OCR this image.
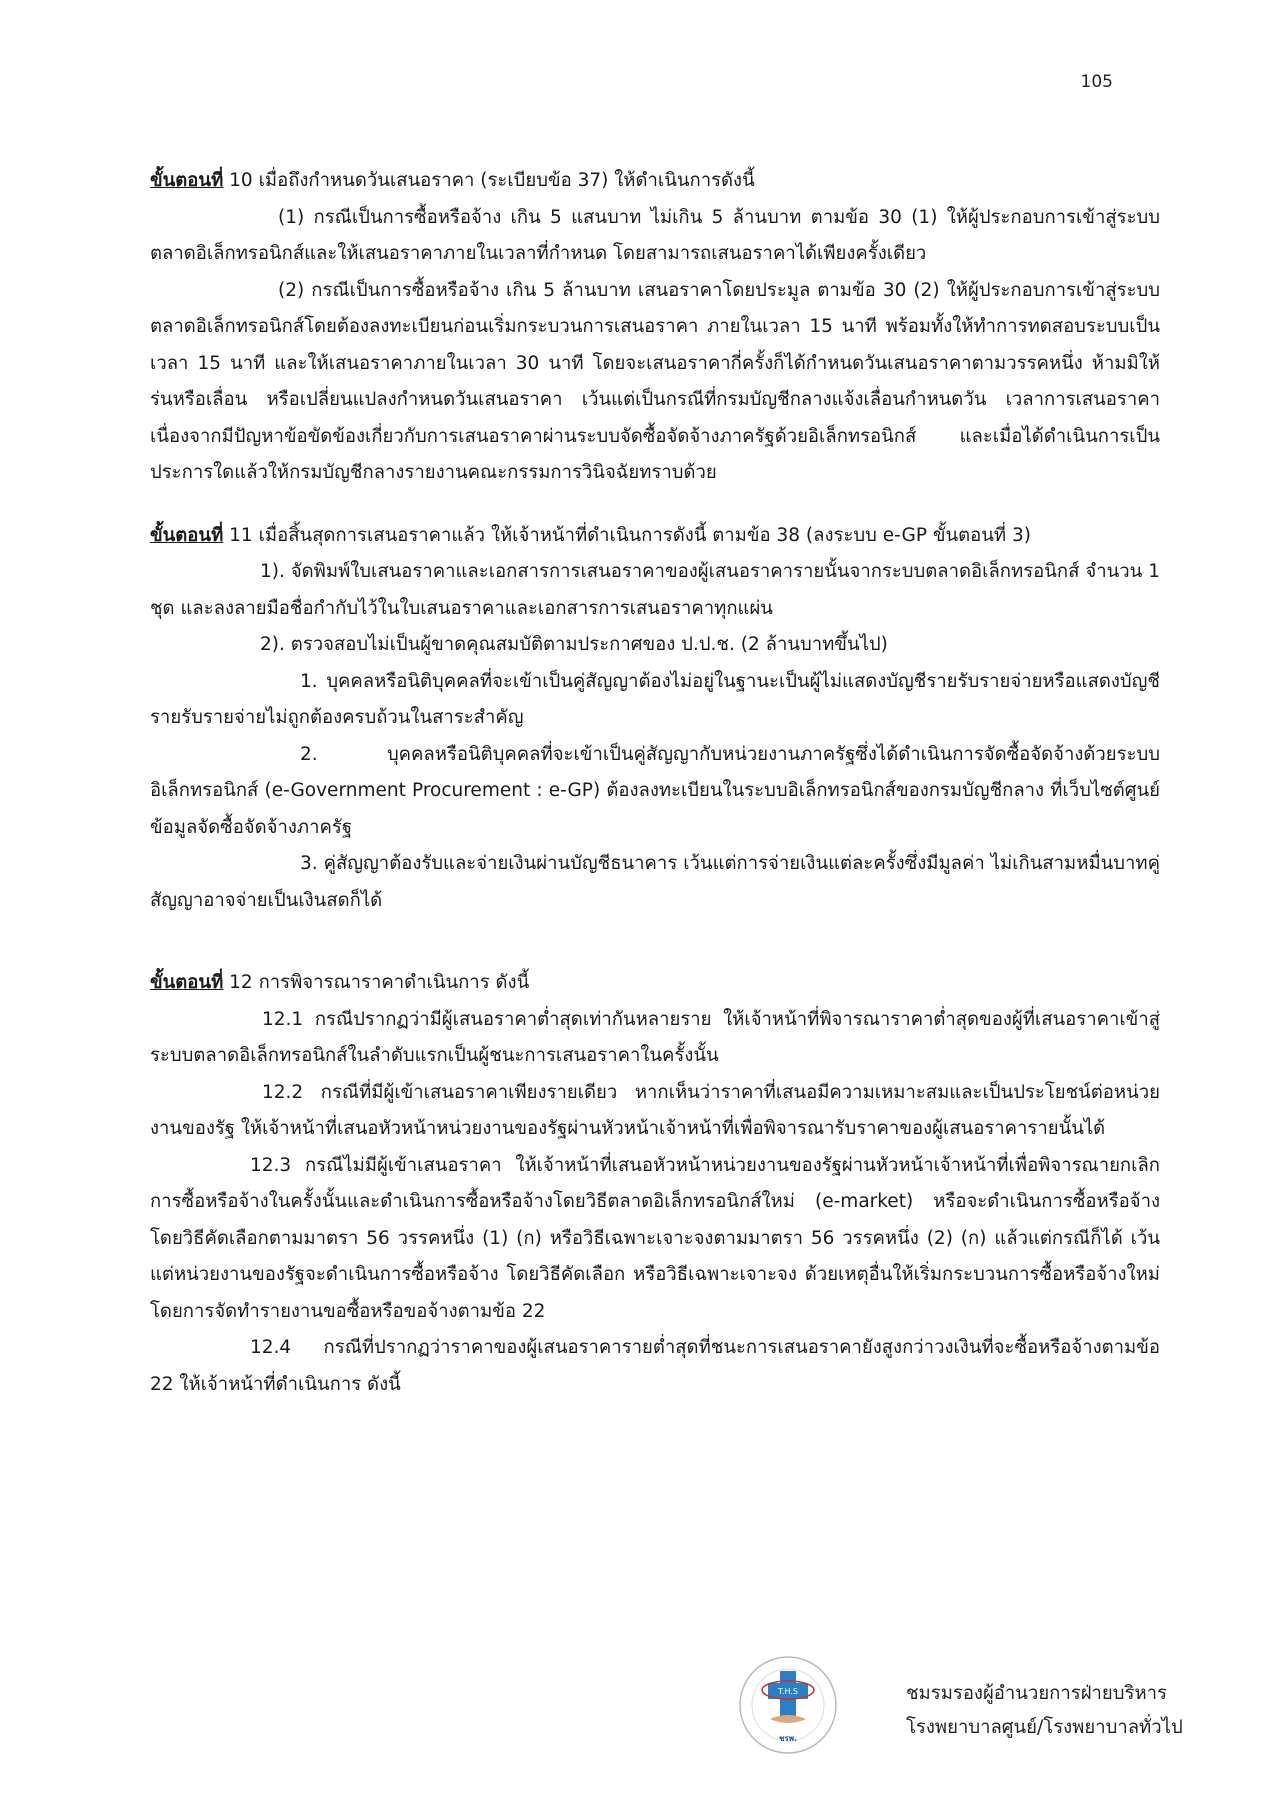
105

ขั้นตอนที่ 10 เมื่อถึงกำหนดวันเสนอราคา (ระเบียบข้อ 37) ให้ดำเนินการดังนี้

(1) กรณีเป็นการซื้อหรือจ้าง เกิน 5 แสนบาท ไม่เกิน 5 ล้านบาท ตามข้อ 30 (1) ให้ผู้ประกอบการเข้าสู่ระบบตลาดอิเล็กทรอนิกส์และให้เสนอราคาภายในเวลาที่กำหนด โดยสามารถเสนอราคาได้เพียงครั้งเดียว

(2) กรณีเป็นการซื้อหรือจ้าง เกิน 5 ล้านบาท เสนอราคาโดยประมูล ตามข้อ 30 (2) ให้ผู้ประกอบการเข้าสู่ระบบตลาดอิเล็กทรอนิกส์โดยต้องลงทะเบียนก่อนเริ่มกระบวนการเสนอราคา ภายในเวลา 15 นาที พร้อมทั้งให้ทำการทดสอบระบบเป็นเวลา 15 นาที และให้เสนอราคาภายในเวลา 30 นาที โดยจะเสนอราคากี่ครั้งก็ได้กำหนดวันเสนอราคาตามวรรคหนึ่ง ห้ามมิให้ร่นหรือเลื่อน หรือเปลี่ยนแปลงกำหนดวันเสนอราคา เว้นแต่เป็นกรณีที่กรมบัญชีกลางแจ้งเลื่อนกำหนดวัน เวลาการเสนอราคา เนื่องจากมีปัญหาข้อขัดข้องเกี่ยวกับการเสนอราคาผ่านระบบจัดซื้อจัดจ้างภาครัฐด้วยอิเล็กทรอนิกส์ และเมื่อได้ดำเนินการเป็นประการใดแล้วให้กรมบัญชีกลางรายงานคณะกรรมการวินิจฉัยทราบด้วย

ขั้นตอนที่ 11 เมื่อสิ้นสุดการเสนอราคาแล้ว ให้เจ้าหน้าที่ดำเนินการดังนี้ ตามข้อ 38 (ลงระบบ e-GP ขั้นตอนที่ 3)

1). จัดพิมพ์ใบเสนอราคาและเอกสารการเสนอราคาของผู้เสนอราคารายนั้นจากระบบตลาดอิเล็กทรอนิกส์ จำนวน 1 ชุด และลงลายมือชื่อกำกับไว้ในใบเสนอราคาและเอกสารการเสนอราคาทุกแผ่น

2). ตรวจสอบไม่เป็นผู้ขาดคุณสมบัติตามประกาศของ ป.ป.ช. (2 ล้านบาทขึ้นไป)

1. บุคคลหรือนิติบุคคลที่จะเข้าเป็นคู่สัญญาต้องไม่อยู่ในฐานะเป็นผู้ไม่แสดงบัญชีรายรับรายจ่ายหรือแสดงบัญชีรายรับรายจ่ายไม่ถูกต้องครบถ้วนในสาระสำคัญ

2. บุคคลหรือนิติบุคคลที่จะเข้าเป็นคู่สัญญากับหน่วยงานภาครัฐซึ่งได้ดำเนินการจัดซื้อจัดจ้างด้วยระบบอิเล็กทรอนิกส์ (e-Government Procurement : e-GP) ต้องลงทะเบียนในระบบอิเล็กทรอนิกส์ของกรมบัญชีกลาง ที่เว็บไซต์ศูนย์ข้อมูลจัดซื้อจัดจ้างภาครัฐ

3. คู่สัญญาต้องรับและจ่ายเงินผ่านบัญชีธนาคาร เว้นแต่การจ่ายเงินแต่ละครั้งซึ่งมีมูลค่า ไม่เกินสามหมื่นบาทคู่สัญญาอาจจ่ายเป็นเงินสดก็ได้

ขั้นตอนที่ 12 การพิจารณาราคาดำเนินการ ดังนี้

12.1 กรณีปรากฏว่ามีผู้เสนอราคาต่ำสุดเท่ากันหลายราย ให้เจ้าหน้าที่พิจารณาราคาต่ำสุดของผู้ที่เสนอราคาเข้าสู่ระบบตลาดอิเล็กทรอนิกส์ในลำดับแรกเป็นผู้ชนะการเสนอราคาในครั้งนั้น

12.2 กรณีที่มีผู้เข้าเสนอราคาเพียงรายเดียว หากเห็นว่าราคาที่เสนอมีความเหมาะสมและเป็นประโยชน์ต่อหน่วยงานของรัฐ ให้เจ้าหน้าที่เสนอหัวหน้าหน่วยงานของรัฐผ่านหัวหน้าเจ้าหน้าที่เพื่อพิจารณารับราคาของผู้เสนอราคารายนั้นได้

12.3 กรณีไม่มีผู้เข้าเสนอราคา ให้เจ้าหน้าที่เสนอหัวหน้าหน่วยงานของรัฐผ่านหัวหน้าเจ้าหน้าที่เพื่อพิจารณายกเลิกการซื้อหรือจ้างในครั้งนั้นและดำเนินการซื้อหรือจ้างโดยวิธีตลาดอิเล็กทรอนิกส์ใหม่ (e-market) หรือจะดำเนินการซื้อหรือจ้างโดยวิธีคัดเลือกตามมาตรา 56 วรรคหนึ่ง (1) (ก) หรือวิธีเฉพาะเจาะจงตามมาตรา 56 วรรคหนึ่ง (2) (ก) แล้วแต่กรณีก็ได้ เว้นแต่หน่วยงานของรัฐจะดำเนินการซื้อหรือจ้าง โดยวิธีคัดเลือก หรือวิธีเฉพาะเจาะจง ด้วยเหตุอื่นให้เริ่มกระบวนการซื้อหรือจ้างใหม่โดยการจัดทำรายงานขอซื้อหรือขอจ้างตามข้อ 22

12.4 กรณีที่ปรากฏว่าราคาของผู้เสนอราคารายต่ำสุดที่ชนะการเสนอราคายังสูงกว่าวงเงินที่จะซื้อหรือจ้างตามข้อ 22 ให้เจ้าหน้าที่ดำเนินการ ดังนี้

T.H.S
ชรพ.
ชมรมรองผู้อำนวยการฝ่ายบริหาร
โรงพยาบาลศูนย์/โรงพยาบาลทั่วไป
